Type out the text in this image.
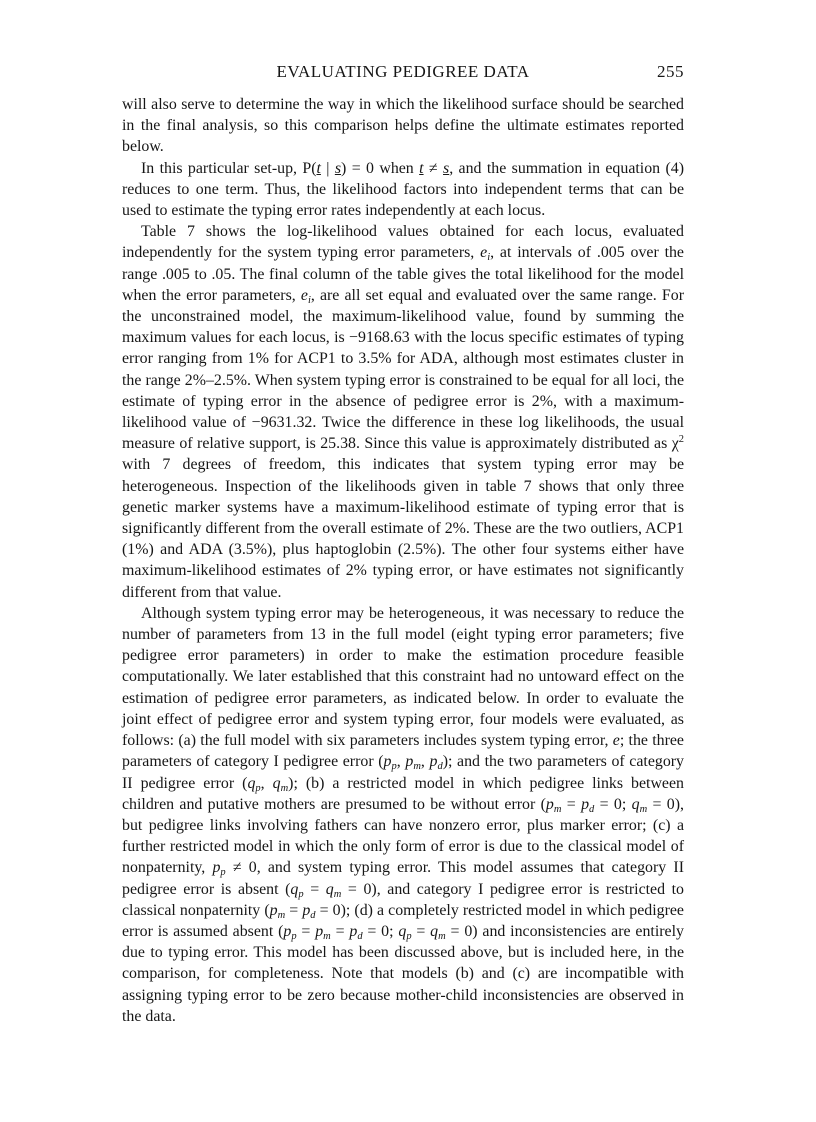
EVALUATING PEDIGREE DATA	255

will also serve to determine the way in which the likelihood surface should be searched in the final analysis, so this comparison helps define the ultimate estimates reported below.

In this particular set-up, P(t | s) = 0 when t ≠ s, and the summation in equation (4) reduces to one term. Thus, the likelihood factors into independent terms that can be used to estimate the typing error rates independently at each locus.

Table 7 shows the log-likelihood values obtained for each locus, evaluated independently for the system typing error parameters, $e_i$, at intervals of .005 over the range .005 to .05. The final column of the table gives the total likelihood for the model when the error parameters, $e_i$, are all set equal and evaluated over the same range. For the unconstrained model, the maximum-likelihood value, found by summing the maximum values for each locus, is −9168.63 with the locus specific estimates of typing error ranging from 1% for ACP1 to 3.5% for ADA, although most estimates cluster in the range 2%–2.5%. When system typing error is constrained to be equal for all loci, the estimate of typing error in the absence of pedigree error is 2%, with a maximum-likelihood value of −9631.32. Twice the difference in these log likelihoods, the usual measure of relative support, is 25.38. Since this value is approximately distributed as $\chi^2$ with 7 degrees of freedom, this indicates that system typing error may be heterogeneous. Inspection of the likelihoods given in table 7 shows that only three genetic marker systems have a maximum-likelihood estimate of typing error that is significantly different from the overall estimate of 2%. These are the two outliers, ACP1 (1%) and ADA (3.5%), plus haptoglobin (2.5%). The other four systems either have maximum-likelihood estimates of 2% typing error, or have estimates not significantly different from that value.

Although system typing error may be heterogeneous, it was necessary to reduce the number of parameters from 13 in the full model (eight typing error parameters; five pedigree error parameters) in order to make the estimation procedure feasible computationally. We later established that this constraint had no untoward effect on the estimation of pedigree error parameters, as indicated below. In order to evaluate the joint effect of pedigree error and system typing error, four models were evaluated, as follows: (a) the full model with six parameters includes system typing error, e; the three parameters of category I pedigree error ($p_p$, $p_m$, $p_d$); and the two parameters of category II pedigree error ($q_p$, $q_m$); (b) a restricted model in which pedigree links between children and putative mothers are presumed to be without error ($p_m = p_d = 0$; $q_m = 0$), but pedigree links involving fathers can have nonzero error, plus marker error; (c) a further restricted model in which the only form of error is due to the classical model of nonpaternity, $p_p \ne 0$, and system typing error. This model assumes that category II pedigree error is absent $(q_p = q_m = 0)$, and category I pedigree error is restricted to classical nonpaternity $(p_m = p_d = 0)$; (d) a completely restricted model in which pedigree error is assumed absent ($p_p = p_m = p_d = 0$; $q_p = q_m = 0$) and inconsistencies are entirely due to typing error. This model has been discussed above, but is included here, in the comparison, for completeness. Note that models (b) and (c) are incompatible with assigning typing error to be zero because mother-child inconsistencies are observed in the data.
